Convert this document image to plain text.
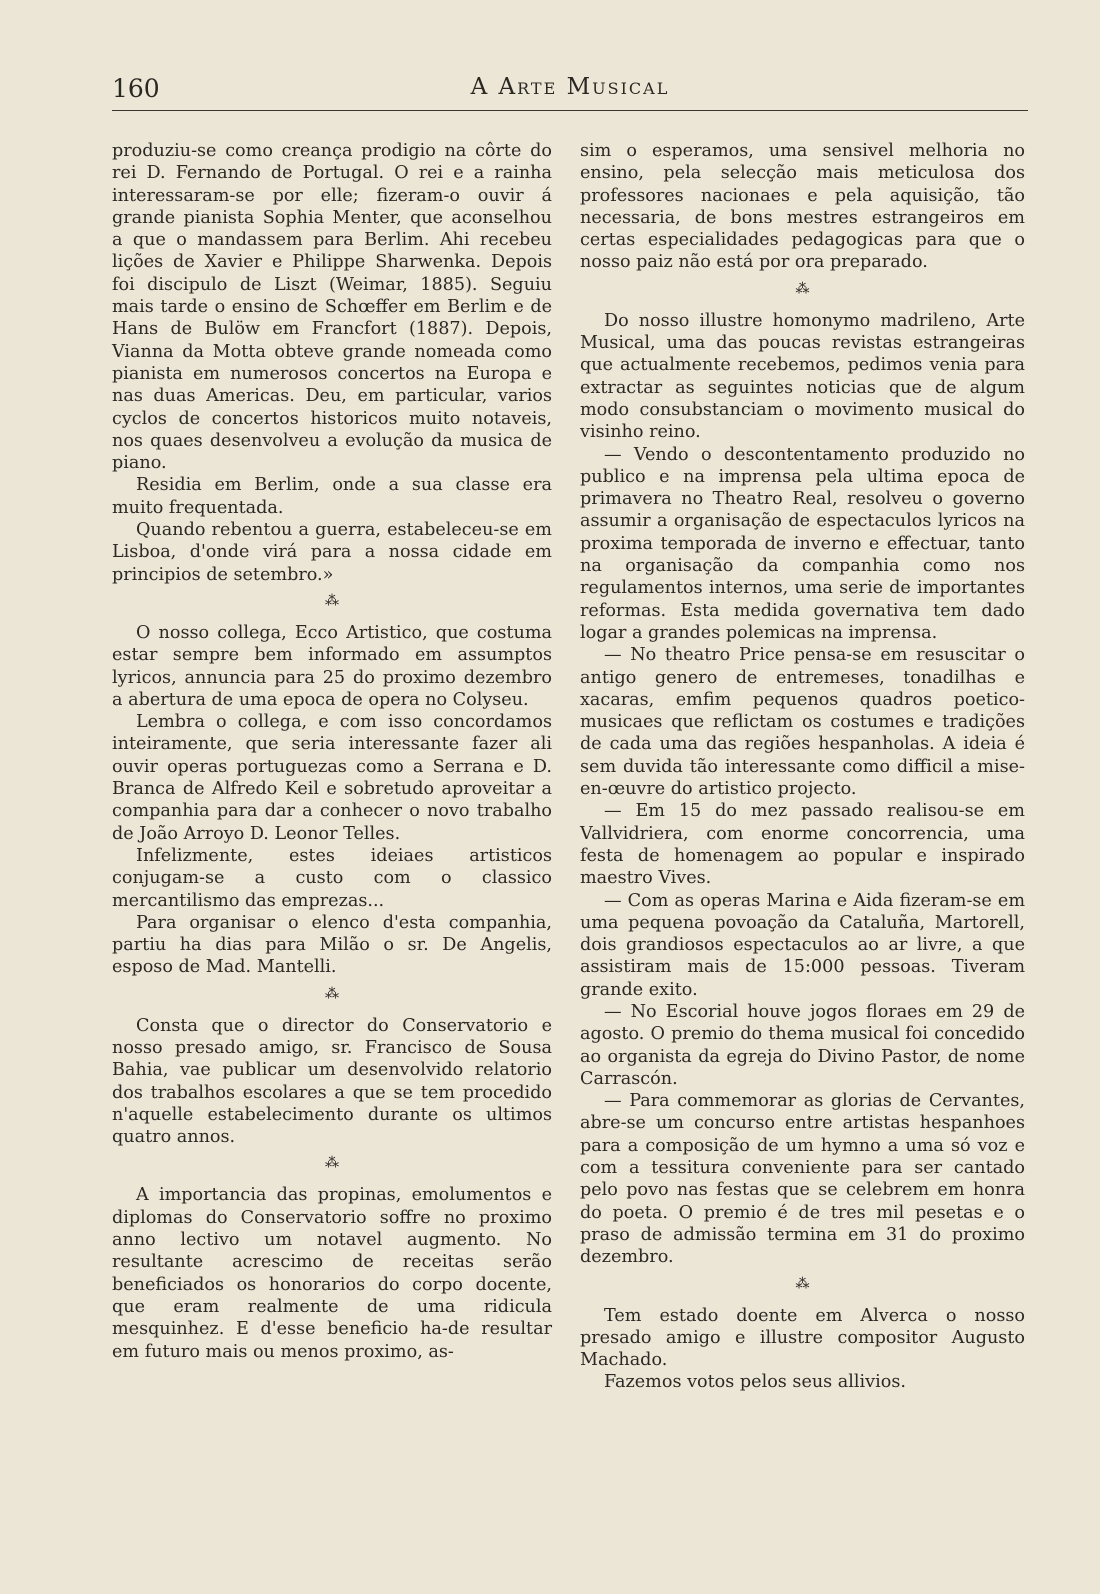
160	A Arte Musical

produziu-se como creança prodigio na côrte do rei D. Fernando de Portugal. O rei e a rainha interessaram-se por elle; fizeram-o ouvir á grande pianista Sophia Menter, que aconselhou a que o mandassem para Berlim. Ahi recebeu lições de Xavier e Philippe Sharwenka. Depois foi discipulo de Liszt (Weimar, 1885). Seguiu mais tarde o ensino de Schœffer em Berlim e de Hans de Bulöw em Francfort (1887). Depois, Vianna da Motta obteve grande nomeada como pianista em numerosos concertos na Europa e nas duas Americas. Deu, em particular, varios cyclos de concertos historicos muito notaveis, nos quaes desenvolveu a evolução da musica de piano.

Residia em Berlim, onde a sua classe era muito frequentada.

Quando rebentou a guerra, estabeleceu-se em Lisboa, d'onde virá para a nossa cidade em principios de setembro.»

⁂

O nosso collega, Ecco Artistico, que costuma estar sempre bem informado em assumptos lyricos, annuncia para 25 do proximo dezembro a abertura de uma epoca de opera no Colyseu.

Lembra o collega, e com isso concordamos inteiramente, que seria interessante fazer ali ouvir operas portuguezas como a Serrana e D. Branca de Alfredo Keil e sobretudo aproveitar a companhia para dar a conhecer o novo trabalho de João Arroyo D. Leonor Telles.

Infelizmente, estes ideiaes artisticos conjugam-se a custo com o classico mercantilismo das emprezas...

Para organisar o elenco d'esta companhia, partiu ha dias para Milão o sr. De Angelis, esposo de Mad. Mantelli.

⁂

Consta que o director do Conservatorio e nosso presado amigo, sr. Francisco de Sousa Bahia, vae publicar um desenvolvido relatorio dos trabalhos escolares a que se tem procedido n'aquelle estabelecimento durante os ultimos quatro annos.

⁂

A importancia das propinas, emolumentos e diplomas do Conservatorio soffre no proximo anno lectivo um notavel augmento. No resultante acrescimo de receitas serão beneficiados os honorarios do corpo docente, que eram realmente de uma ridicula mesquinhez. E d'esse beneficio ha-de resultar em futuro mais ou menos proximo, as-

sim o esperamos, uma sensivel melhoria no ensino, pela selecção mais meticulosa dos professores nacionaes e pela aquisição, tão necessaria, de bons mestres estrangeiros em certas especialidades pedagogicas para que o nosso paiz não está por ora preparado.

⁂

Do nosso illustre homonymo madrileno, Arte Musical, uma das poucas revistas estrangeiras que actualmente recebemos, pedimos venia para extractar as seguintes noticias que de algum modo consubstanciam o movimento musical do visinho reino.

— Vendo o descontentamento produzido no publico e na imprensa pela ultima epoca de primavera no Theatro Real, resolveu o governo assumir a organisação de espectaculos lyricos na proxima temporada de inverno e effectuar, tanto na organisação da companhia como nos regulamentos internos, uma serie de importantes reformas. Esta medida governativa tem dado logar a grandes polemicas na imprensa.

— No theatro Price pensa-se em resuscitar o antigo genero de entremeses, tonadilhas e xacaras, emfim pequenos quadros poetico-musicaes que reflictam os costumes e tradições de cada uma das regiões hespanholas. A ideia é sem duvida tão interessante como difficil a mise-en-œuvre do artistico projecto.

— Em 15 do mez passado realisou-se em Vallvidriera, com enorme concorrencia, uma festa de homenagem ao popular e inspirado maestro Vives.

— Com as operas Marina e Aida fizeram-se em uma pequena povoação da Cataluña, Martorell, dois grandiosos espectaculos ao ar livre, a que assistiram mais de 15:000 pessoas. Tiveram grande exito.

— No Escorial houve jogos floraes em 29 de agosto. O premio do thema musical foi concedido ao organista da egreja do Divino Pastor, de nome Carrascón.

— Para commemorar as glorias de Cervantes, abre-se um concurso entre artistas hespanhoes para a composição de um hymno a uma só voz e com a tessitura conveniente para ser cantado pelo povo nas festas que se celebrem em honra do poeta. O premio é de tres mil pesetas e o praso de admissão termina em 31 do proximo dezembro.

⁂

Tem estado doente em Alverca o nosso presado amigo e illustre compositor Augusto Machado.

Fazemos votos pelos seus allivios.
